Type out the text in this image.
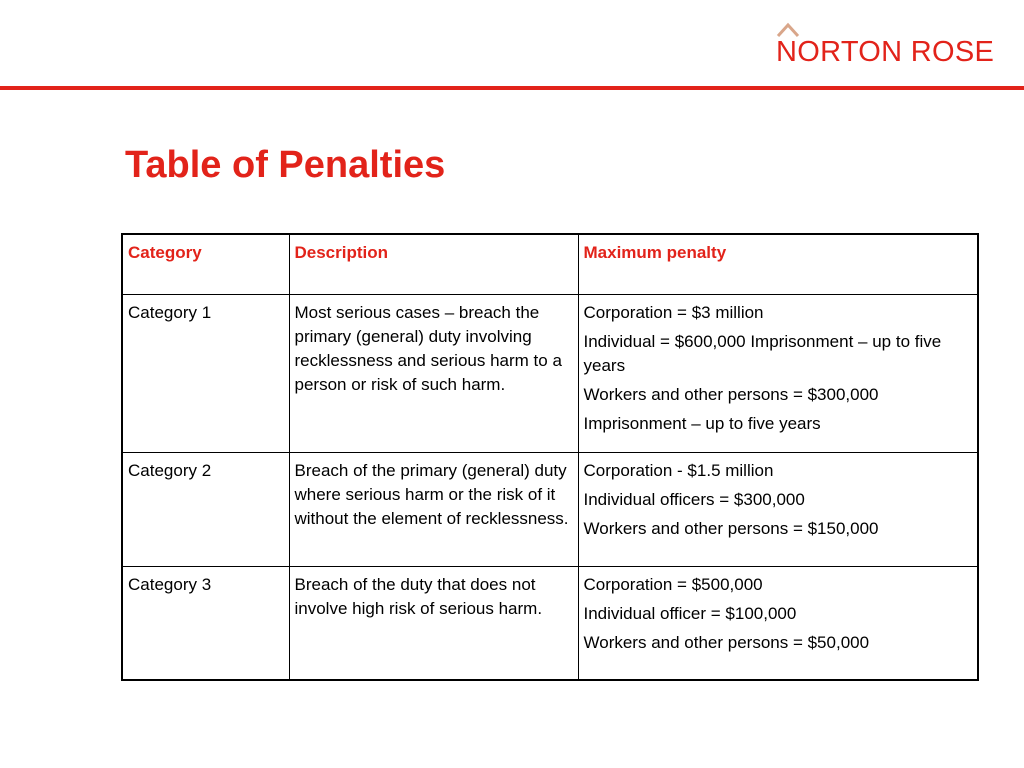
NORTON ROSE
Table of Penalties
Category	Description	Maximum penalty
Category 1	Most serious cases – breach the primary (general) duty involving recklessness and serious harm to a person or risk of such harm.	Corporation = $3 million
Individual = $600,000 Imprisonment – up to five years
Workers and other persons = $300,000
Imprisonment – up to five years

Category 2	Breach of the primary (general) duty where serious harm or the risk of it without the element of recklessness.	Corporation - $1.5 million
Individual officers = $300,000
Workers and other persons = $150,000

Category 3	Breach of the duty that does not involve high risk of serious harm.	Corporation = $500,000
Individual officer = $100,000
Workers and other persons = $50,000
